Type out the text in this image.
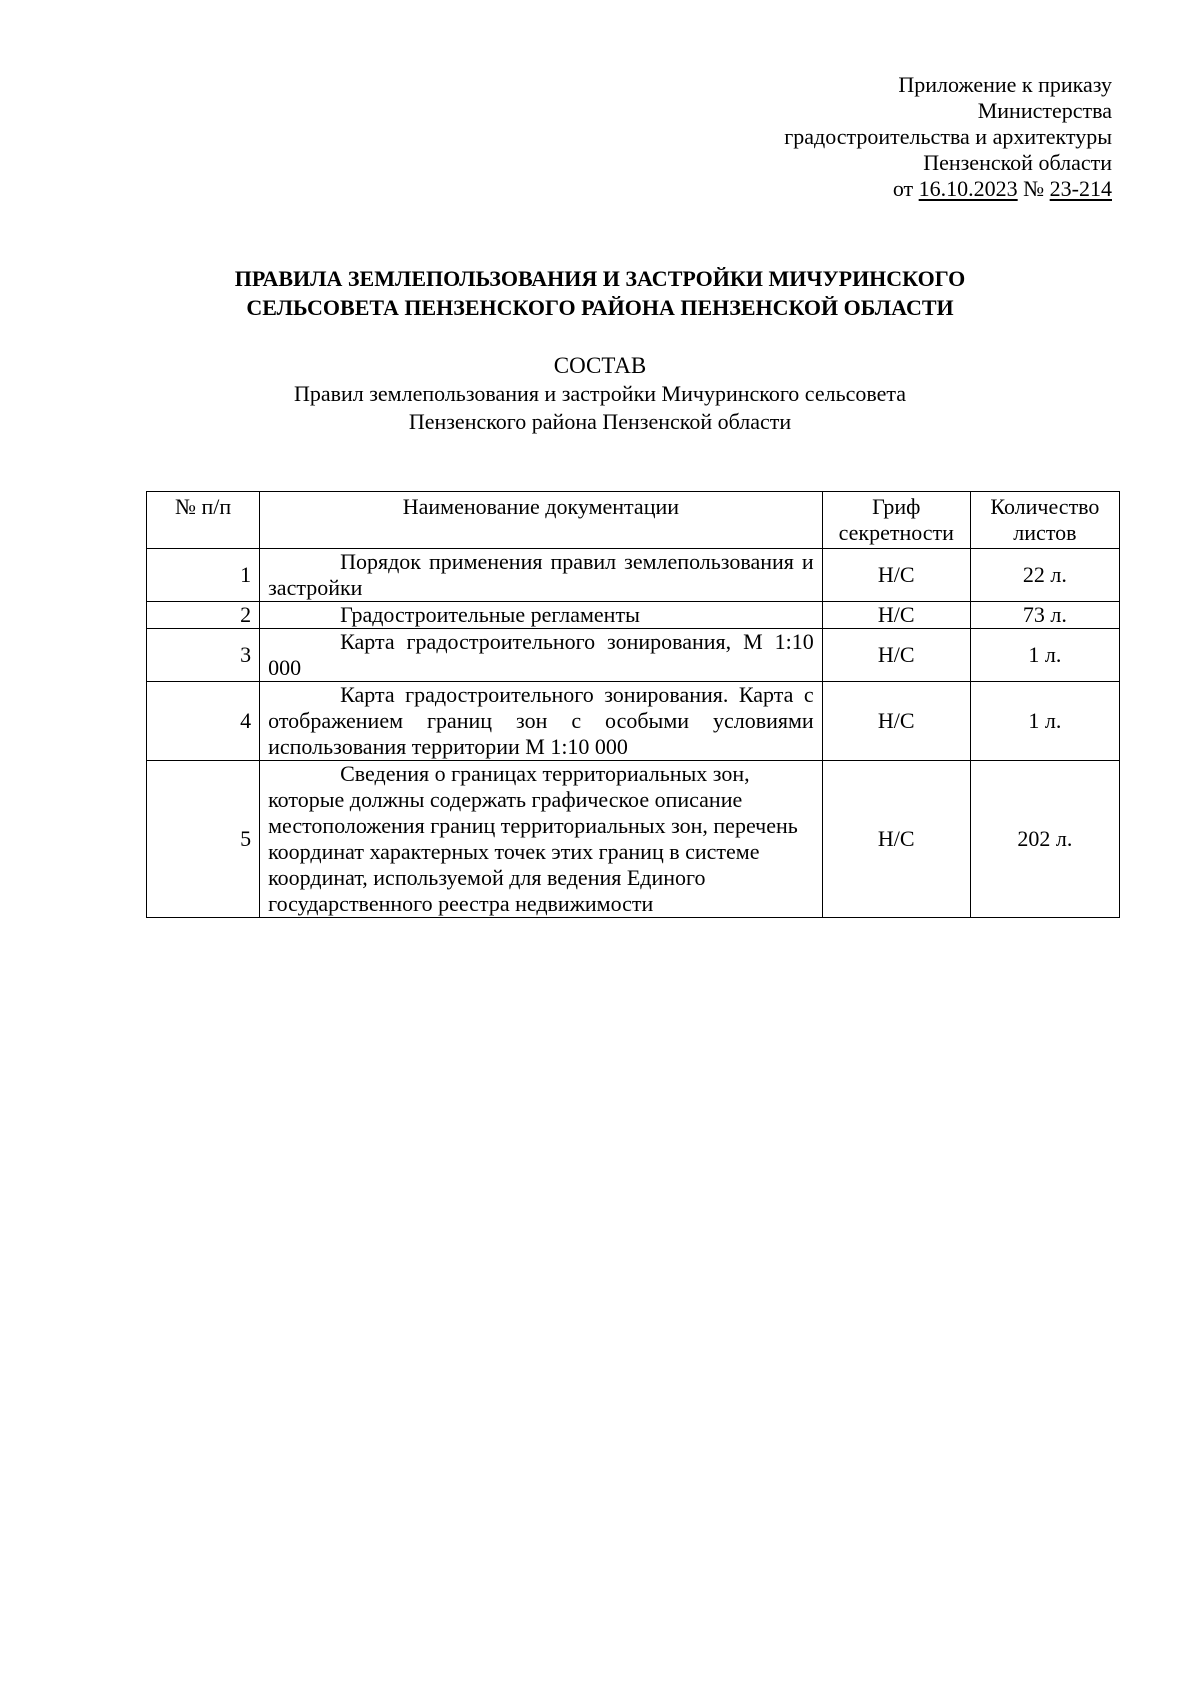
Приложение к приказу
Министерства
градостроительства и архитектуры
Пензенской области
от 16.10.2023 № 23-214
ПРАВИЛА ЗЕМЛЕПОЛЬЗОВАНИЯ И ЗАСТРОЙКИ МИЧУРИНСКОГО
СЕЛЬСОВЕТА ПЕНЗЕНСКОГО РАЙОНА ПЕНЗЕНСКОЙ ОБЛАСТИ
СОСТАВ
Правил землепользования и застройки Мичуринского сельсовета
Пензенского района Пензенской области
№ п/п	Наименование документации	Гриф секретности	Количество листов
1	Порядок применения правил землепользования и застройки	Н/С	22 л.
2	Градостроительные регламенты	Н/С	73 л.
3	Карта градостроительного зонирования, М 1:10 000	Н/С	1 л.
4	Карта градостроительного зонирования. Карта с отображением границ зон с особыми условиями использования территории М 1:10 000	Н/С	1 л.
5	Сведения о границах территориальных зон, которые должны содержать графическое описание местоположения границ территориальных зон, перечень координат характерных точек этих границ в системе координат, используемой для ведения Единого государственного реестра недвижимости	Н/С	202 л.
